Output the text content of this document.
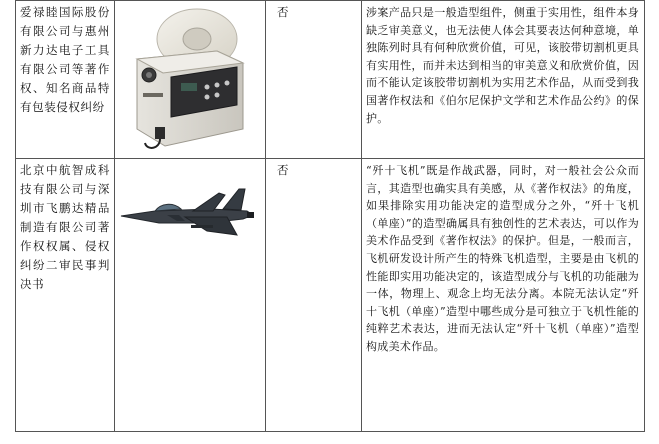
爱禄睦国际股份有限公司与惠州新力达电子工具有限公司等著作权、知名商品特有包装侵权纠纷		否	涉案产品只是一般造型组件，侧重于实用性，组件本身缺乏审美意义，也无法使人体会其要表达何种意境，单独陈列时具有何种欣赏价值，可见，该胶带切割机更具有实用性，而并未达到相当的审美意义和欣赏价值，因而不能认定该胶带切割机为实用艺术作品，从而受到我国著作权法和《伯尔尼保护文学和艺术作品公约》的保护。

北京中航智成科技有限公司与深圳市飞鹏达精品制造有限公司著作权权属、侵权纠纷二审民事判决书		否	“歼十飞机”既是作战武器，同时，对一般社会公众而言，其造型也确实具有美感，从《著作权法》的角度，如果排除实用功能决定的造型成分之外，“歼十飞机（单座）”的造型确属具有独创性的艺术表达，可以作为美术作品受到《著作权法》的保护。但是，一般而言，飞机研发设计所产生的特殊飞机造型，主要是由飞机的性能即实用功能决定的，该造型成分与飞机的功能融为一体，物理上、观念上均无法分离。本院无法认定“歼十飞机（单座）”造型中哪些成分是可独立于飞机性能的纯粹艺术表达，进而无法认定“歼十飞机（单座）”造型构成美术作品。
